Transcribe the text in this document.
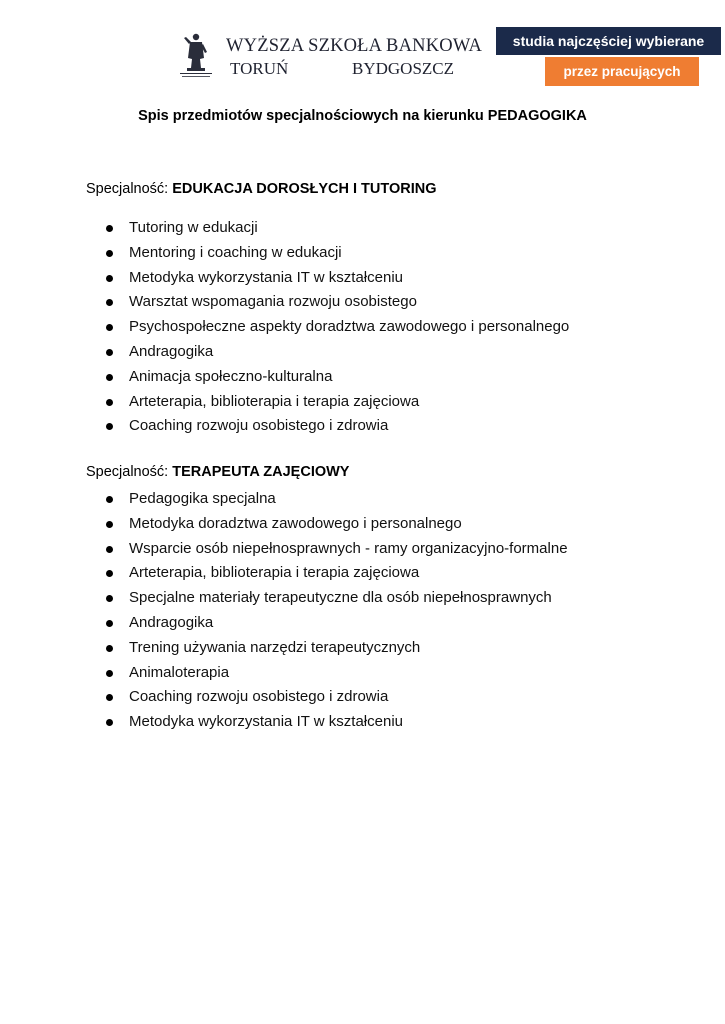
WYŻSZA SZKOŁA BANKOWA
TORUŃ	BYDGOSZCZ
studia najczęściej wybierane
przez pracujących
Spis przedmiotów specjalnościowych na kierunku PEDAGOGIKA
Specjalność: EDUKACJA DOROSŁYCH I TUTORING
Tutoring w edukacji
Mentoring i coaching w edukacji
Metodyka wykorzystania IT w kształceniu
Warsztat wspomagania rozwoju osobistego
Psychospołeczne aspekty doradztwa zawodowego i personalnego
Andragogika
Animacja społeczno-kulturalna
Arteterapia, biblioterapia i terapia zajęciowa
Coaching rozwoju osobistego i zdrowia
Specjalność: TERAPEUTA ZAJĘCIOWY
Pedagogika specjalna
Metodyka doradztwa zawodowego i personalnego
Wsparcie osób niepełnosprawnych - ramy organizacyjno-formalne
Arteterapia, biblioterapia i terapia zajęciowa
Specjalne materiały terapeutyczne dla osób niepełnosprawnych
Andragogika
Trening używania narzędzi terapeutycznych
Animaloterapia
Coaching rozwoju osobistego i zdrowia
Metodyka wykorzystania IT w kształceniu
